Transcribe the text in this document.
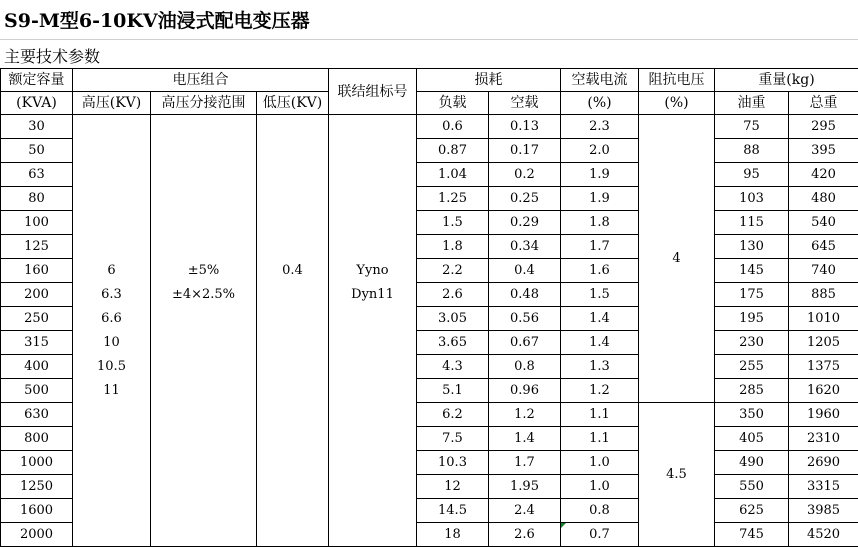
S9-M型6-10KV油浸式配电变压器
主要技术参数
额定容量	电压组合			联结组标号	损耗		空载电流	阻抗电压	重量(kg)	
(KVA)	高压(KV)	高压分接范围	低压(KV)		负载	空载	(%)	(%)	油重	总重
30					0.6	0.13	2.3	4	75	295
50					0.87	0.17	2.0		88	395
63					1.04	0.2	1.9		95	420
80					1.25	0.25	1.9		103	480
100					1.5	0.29	1.8		115	540
125					1.8	0.34	1.7		130	645
160	6	±5%	0.4	Yyno	2.2	0.4	1.6		145	740
200	6.3	±4×2.5%		Dyn11	2.6	0.48	1.5		175	885
250	6.6				3.05	0.56	1.4		195	1010
315	10				3.65	0.67	1.4		230	1205
400	10.5				4.3	0.8	1.3		255	1375
500	11				5.1	0.96	1.2		285	1620
630					6.2	1.2	1.1	4.5	350	1960
800					7.5	1.4	1.1		405	2310
1000					10.3	1.7	1.0		490	2690
1250					12	1.95	1.0		550	3315
1600					14.5	2.4	0.8		625	3985
2000					18	2.6	0.7		745	4520
